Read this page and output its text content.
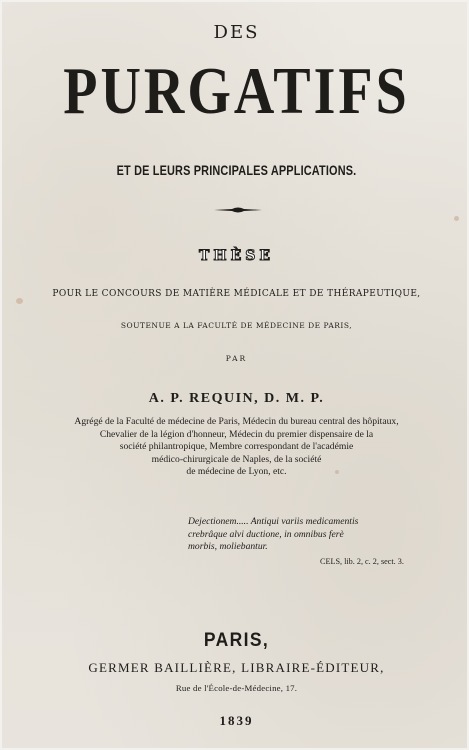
DES
PURGATIFS
ET DE LEURS PRINCIPALES APPLICATIONS.
THÈSE
POUR LE CONCOURS DE MATIÈRE MÉDICALE ET DE THÉRAPEUTIQUE,
SOUTENUE A LA FACULTÉ DE MÉDECINE DE PARIS,
PAR
A. P. REQUIN, D. M. P.
Agrégé de la Faculté de médecine de Paris, Médecin du bureau central des hôpitaux,
Chevalier de la légion d'honneur, Médecin du premier dispensaire de la
société philantropique, Membre correspondant de l'académie
médico-chirurgicale de Naples, de la société
de médecine de Lyon, etc.
Dejectionem..... Antiqui variis medicamentis
crebrâque alvi ductione, in omnibus ferè
morbis, moliebantur.
CELS, lib. 2, c. 2, sect. 3.
PARIS,
GERMER BAILLIÈRE, LIBRAIRE-ÉDITEUR,
Rue de l'École-de-Médecine, 17.
1839
